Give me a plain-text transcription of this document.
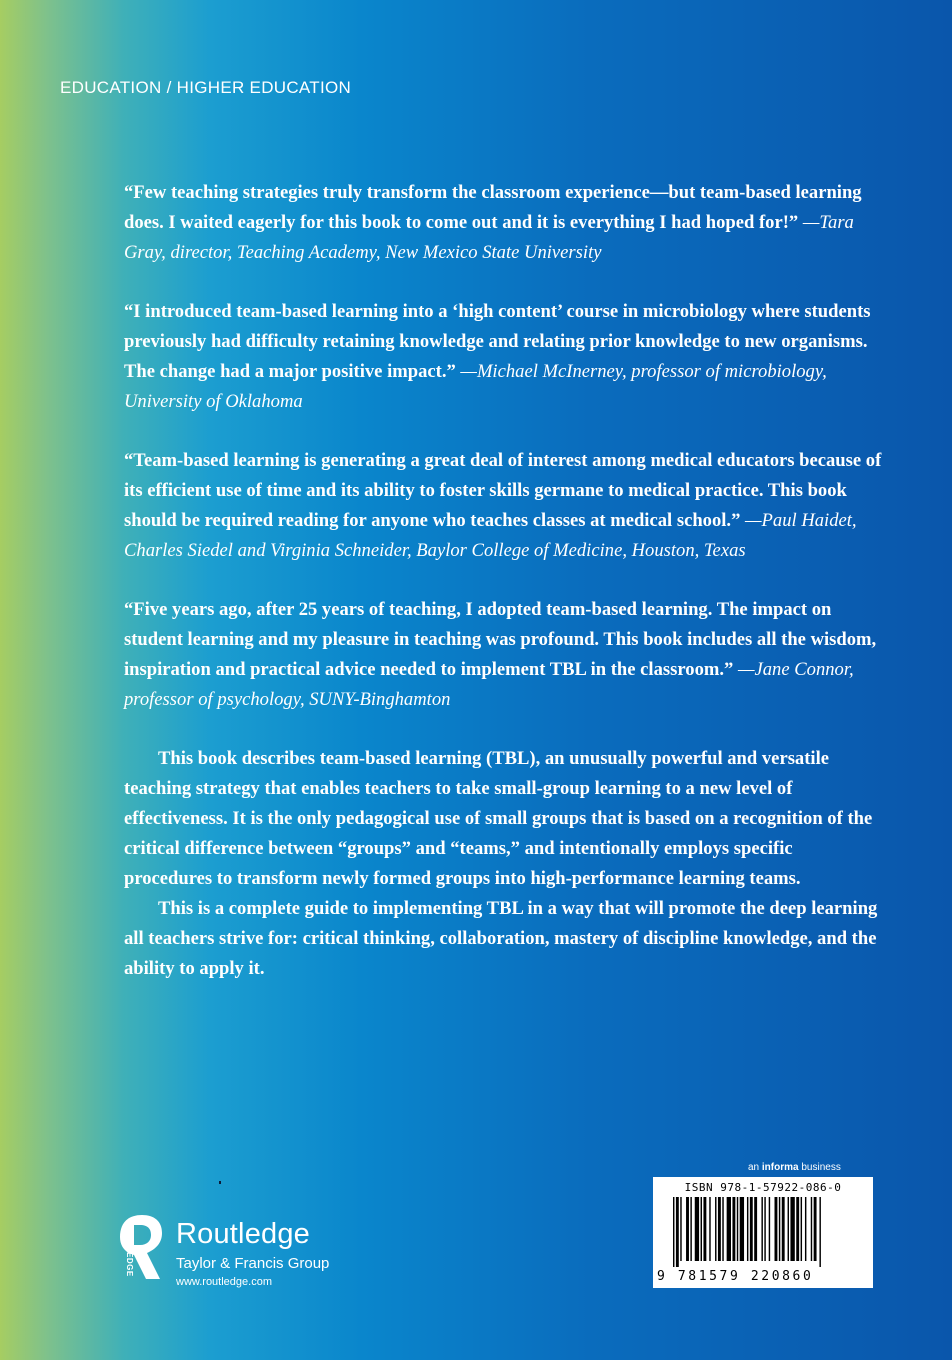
EDUCATION / HIGHER EDUCATION

“Few teaching strategies truly transform the classroom experience—but team-based learning does. I waited eagerly for this book to come out and it is everything I had hoped for!” —Tara Gray, director, Teaching Academy, New Mexico State University

“I introduced team-based learning into a ‘high content’ course in microbiology where students previously had difficulty retaining knowledge and relating prior knowledge to new organisms. The change had a major positive impact.” —Michael McInerney, professor of microbiology, University of Oklahoma

“Team-based learning is generating a great deal of interest among medical educators because of its efficient use of time and its ability to foster skills germane to medical practice. This book should be required reading for anyone who teaches classes at medical school.” —Paul Haidet, Charles Siedel and Virginia Schneider, Baylor College of Medicine, Houston, Texas

“Five years ago, after 25 years of teaching, I adopted team-based learning. The impact on student learning and my pleasure in teaching was profound. This book includes all the wisdom, inspiration and practical advice needed to implement TBL in the classroom.” —Jane Connor, professor of psychology, SUNY-Binghamton

This book describes team-based learning (TBL), an unusually powerful and versatile teaching strategy that enables teachers to take small-group learning to a new level of effectiveness. It is the only pedagogical use of small groups that is based on a recognition of the critical difference between “groups” and “teams,” and intentionally employs specific procedures to transform newly formed groups into high-performance learning teams.

This is a complete guide to implementing TBL in a way that will promote the deep learning all teachers strive for: critical thinking, collaboration, mastery of discipline knowledge, and the ability to apply it.

an informa business
ISBN 978-1-57922-086-0
9 781579 220860
ROUTLEDGE Routledge
Taylor & Francis Group
www.routledge.com
